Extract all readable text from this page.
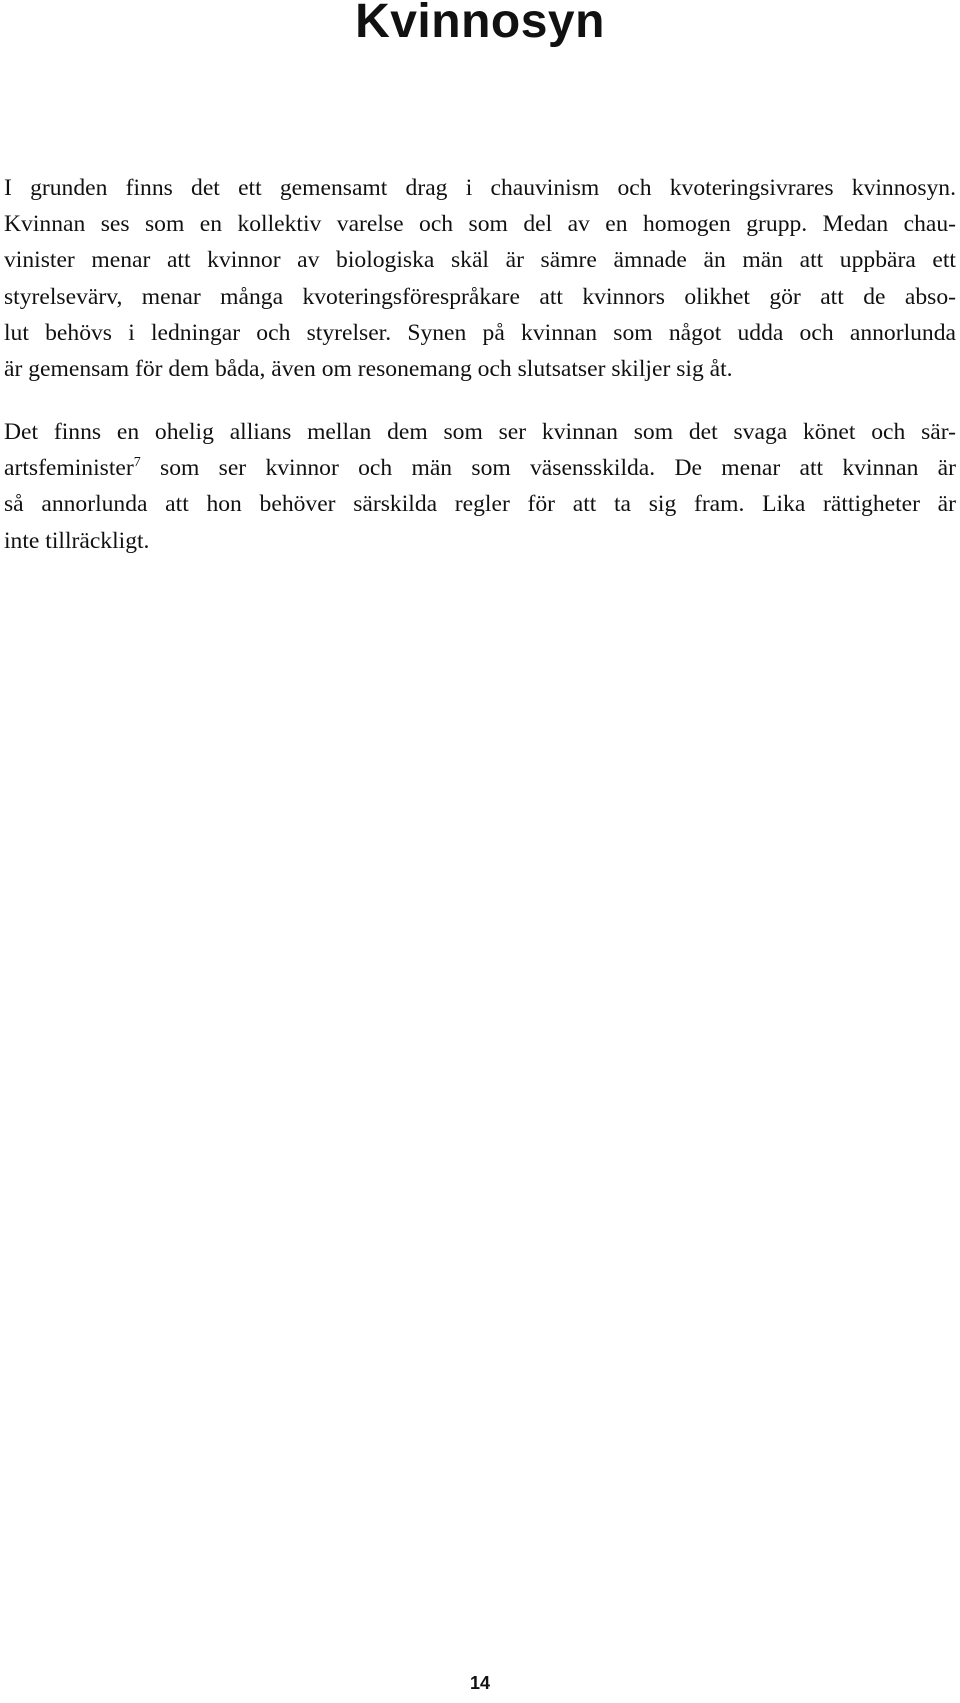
Kvinnosyn

I grunden finns det ett gemensamt drag i chauvinism och kvoteringsivrares kvinnosyn.
Kvinnan ses som en kollektiv varelse och som del av en homogen grupp. Medan chau-
vinister menar att kvinnor av biologiska skäl är sämre ämnade än män att uppbära ett
styrelsevärv, menar många kvoteringsförespråkare att kvinnors olikhet gör att de abso-
lut behövs i ledningar och styrelser. Synen på kvinnan som något udda och annorlunda
är gemensam för dem båda, även om resonemang och slutsatser skiljer sig åt.

Det finns en ohelig allians mellan dem som ser kvinnan som det svaga könet och sär-
artsfeminister$^7$ som ser kvinnor och män som väsensskilda. De menar att kvinnan är
så annorlunda att hon behöver särskilda regler för att ta sig fram. Lika rättigheter är
inte tillräckligt.

14
